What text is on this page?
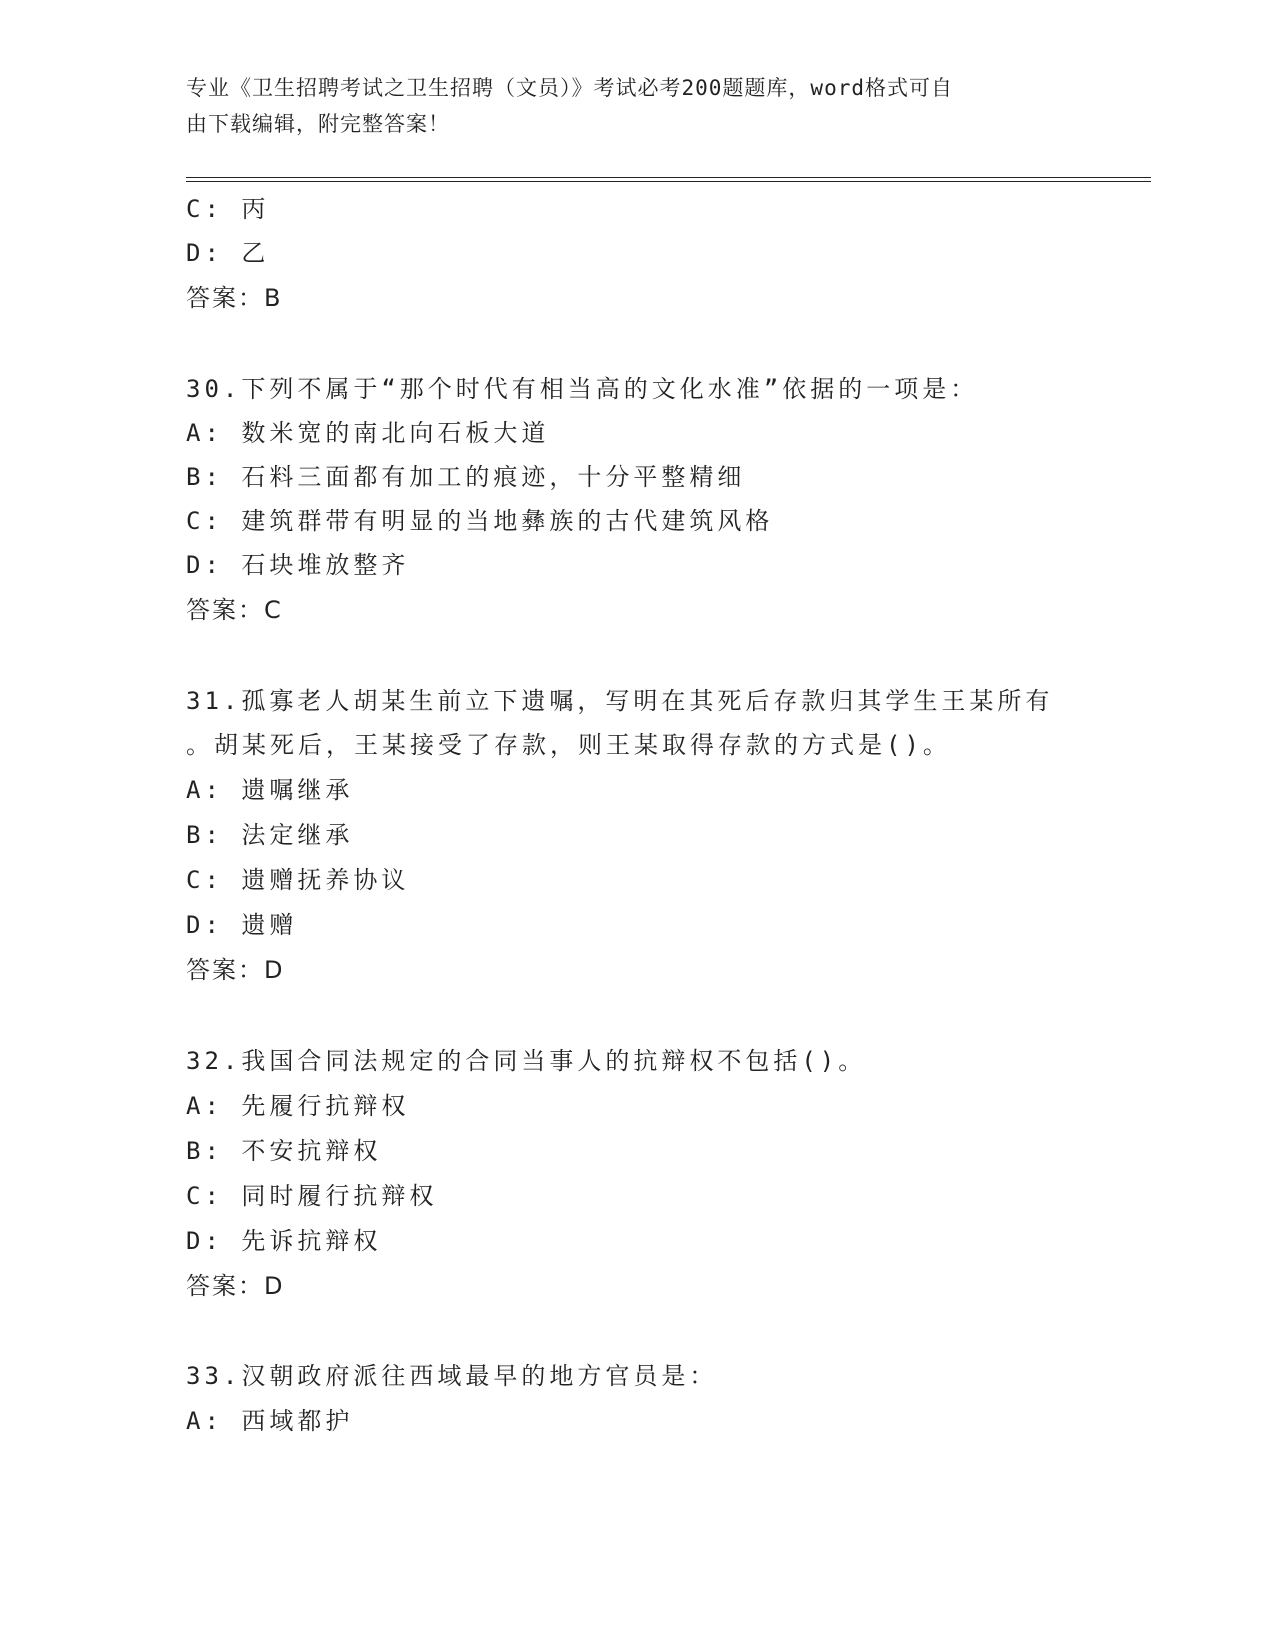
专业《卫生招聘考试之卫生招聘（文员）》考试必考200题题库，word格式可自
由下载编辑，附完整答案！
C: 丙
D: 乙
答案：B
30.下列不属于“那个时代有相当高的文化水准”依据的一项是：
A: 数米宽的南北向石板大道
B: 石料三面都有加工的痕迹，十分平整精细
C: 建筑群带有明显的当地彝族的古代建筑风格
D: 石块堆放整齐
答案：C
31.孤寡老人胡某生前立下遗嘱，写明在其死后存款归其学生王某所有
。胡某死后，王某接受了存款，则王某取得存款的方式是()。
A: 遗嘱继承
B: 法定继承
C: 遗赠抚养协议
D: 遗赠
答案：D
32.我国合同法规定的合同当事人的抗辩权不包括()。
A: 先履行抗辩权
B: 不安抗辩权
C: 同时履行抗辩权
D: 先诉抗辩权
答案：D
33.汉朝政府派往西域最早的地方官员是：
A: 西域都护
